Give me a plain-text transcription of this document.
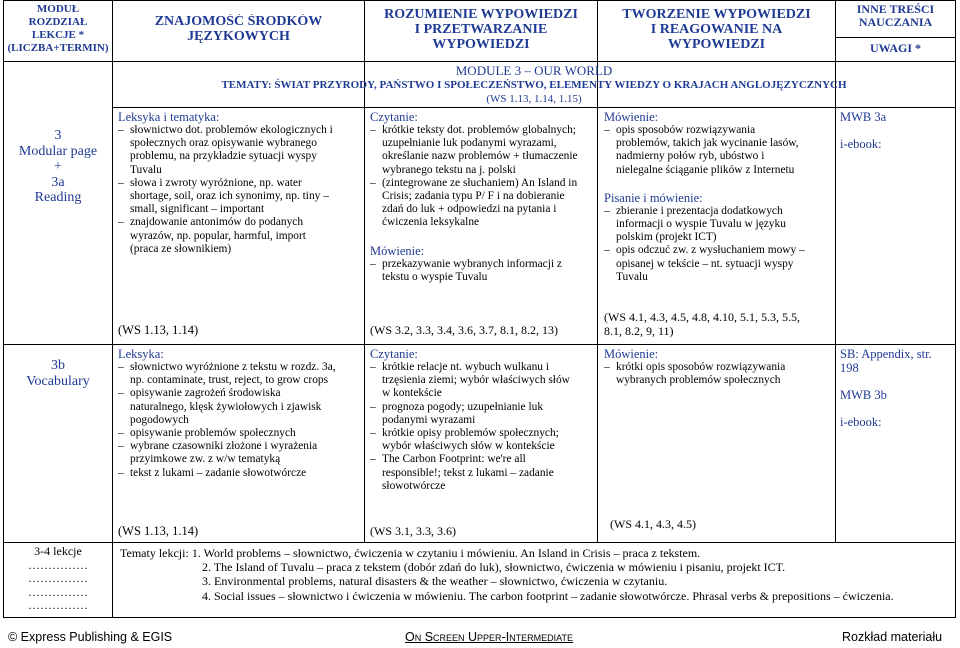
MODUŁ
ROZDZIAŁ
LEKCJE *
(LICZBA+TERMIN)
ZNAJOMOŚĆ ŚRODKÓW
JĘZYKOWYCH
ROZUMIENIE WYPOWIEDZI
I PRZETWARZANIE
WYPOWIEDZI
TWORZENIE WYPOWIEDZI
I REAGOWANIE NA
WYPOWIEDZI
INNE TREŚCI
NAUCZANIA
UWAGI *
MODULE 3 – OUR WORLD
TEMATY: ŚWIAT PRZYRODY, PAŃSTWO I SPOŁECZEŃSTWO, ELEMENTY WIEDZY O KRAJACH ANGLOJĘZYCZNYCH
(WS 1.13, 1.14, 1.15)
3
Modular page
+
3a
Reading
Leksyka i tematyka:
– słownictwo dot. problemów ekologicznych i
społecznych oraz opisywanie wybranego
problemu, na przykładzie sytuacji wyspy
Tuvalu
– słowa i zwroty wyróżnione, np. water
shortage, soil, oraz ich synonimy, np. tiny –
small, significant – important
– znajdowanie antonimów do podanych
wyrazów, np. popular, harmful, import
(praca ze słownikiem)
(WS 1.13, 1.14)
Czytanie:
– krótkie teksty dot. problemów globalnych;
uzupełnianie luk podanymi wyrazami,
określanie nazw problemów + tłumaczenie
wybranego tekstu na j. polski
– (zintegrowane ze słuchaniem) An Island in
Crisis; zadania typu P/ F i na dobieranie
zdań do luk + odpowiedzi na pytania i
ćwiczenia leksykalne
Mówienie:
– przekazywanie wybranych informacji z
tekstu o wyspie Tuvalu
(WS 3.2, 3.3, 3.4, 3.6, 3.7, 8.1, 8.2, 13)
Mówienie:
– opis sposobów rozwiązywania
problemów, takich jak wycinanie lasów,
nadmierny połów ryb, ubóstwo i
nielegalne ściąganie plików z Internetu
Pisanie i mówienie:
– zbieranie i prezentacja dodatkowych
informacji o wyspie Tuvalu w języku
polskim (projekt ICT)
– opis odczuć zw. z wysłuchaniem mowy –
opisanej w tekście – nt. sytuacji wyspy
Tuvalu
(WS 4.1, 4.3, 4.5, 4.8, 4.10, 5.1, 5.3, 5.5,
8.1, 8.2, 9, 11)
MWB 3a
i-ebook:
3b
Vocabulary
Leksyka:
– słownictwo wyróżnione z tekstu w rozdz. 3a,
np. contaminate, trust, reject, to grow crops
– opisywanie zagrożeń środowiska
naturalnego, klęsk żywiołowych i zjawisk
pogodowych
– opisywanie problemów społecznych
– wybrane czasowniki złożone i wyrażenia
przyimkowe zw. z w/w tematyką
– tekst z lukami – zadanie słowotwórcze
(WS 1.13, 1.14)
Czytanie:
– krótkie relacje nt. wybuch wulkanu i
trzęsienia ziemi; wybór właściwych słów
w kontekście
– prognoza pogody; uzupełnianie luk
podanymi wyrazami
– krótkie opisy problemów społecznych;
wybór właściwych słów w kontekście
– The Carbon Footprint: we're all
responsible!; tekst z lukami – zadanie
słowotwórcze
(WS 3.1, 3.3, 3.6)
Mówienie:
– krótki opis sposobów rozwiązywania
wybranych problemów społecznych
(WS 4.1, 4.3, 4.5)
SB: Appendix, str.
198
MWB 3b
i-ebook:
3-4 lekcje
……………
……………
……………
……………
Tematy lekcji: 1. World problems – słownictwo, ćwiczenia w czytaniu i mówieniu. An Island in Crisis – praca z tekstem.
2. The Island of Tuvalu – praca z tekstem (dobór zdań do luk), słownictwo, ćwiczenia w mówieniu i pisaniu, projekt ICT.
3. Environmental problems, natural disasters & the weather – słownictwo, ćwiczenia w czytaniu.
4. Social issues – słownictwo i ćwiczenia w mówieniu. The carbon footprint – zadanie słowotwórcze. Phrasal verbs & prepositions – ćwiczenia.
© Express Publishing & EGIS	On Screen Upper-Intermediate	Rozkład materiału
